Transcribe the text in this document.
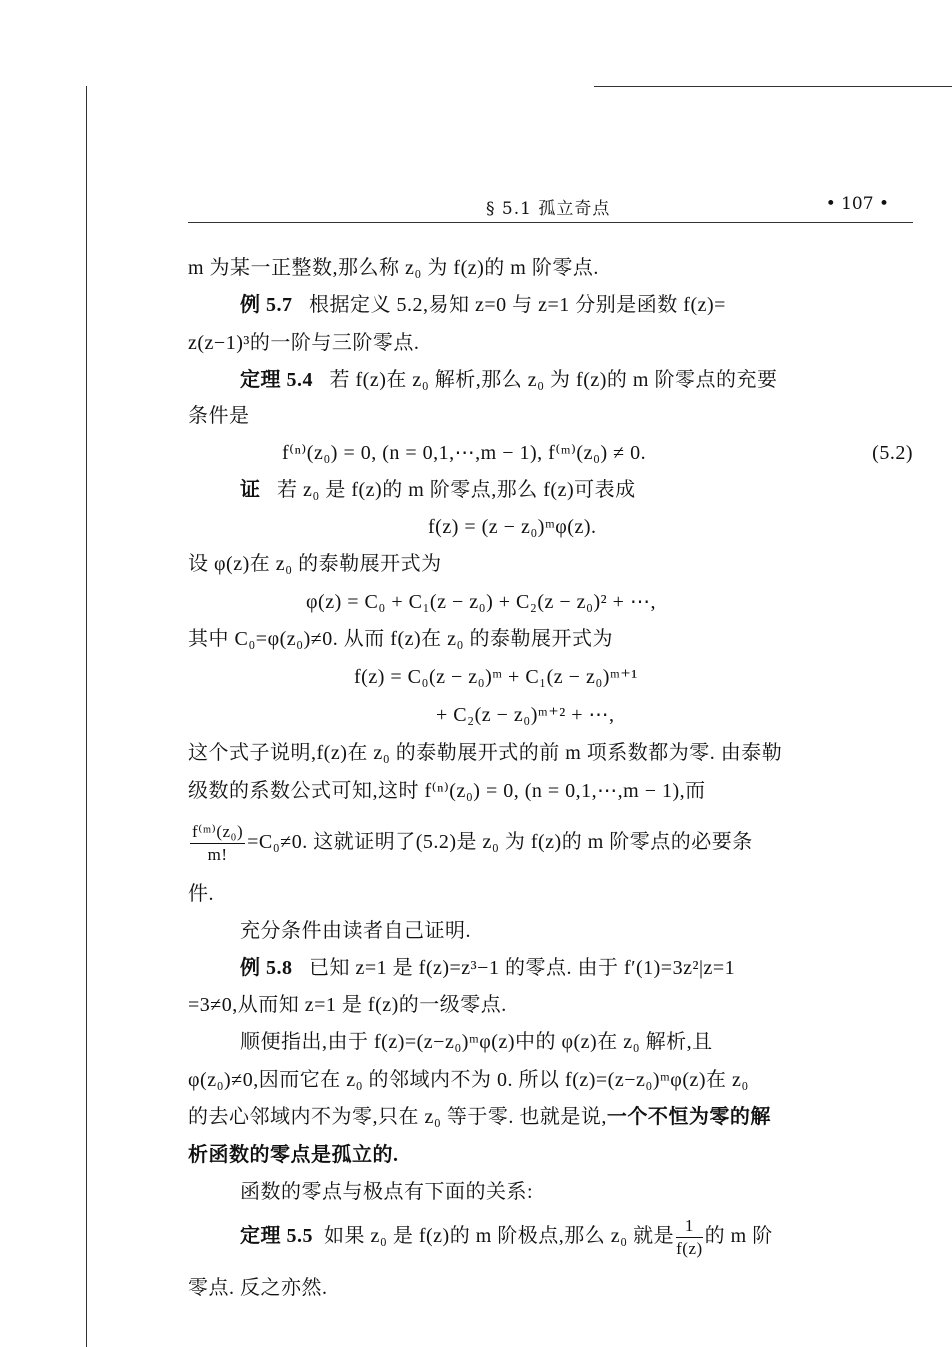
§ 5.1 孤立奇点	• 107 •
m 为某一正整数,那么称 z₀ 为 f(z)的 m 阶零点.
例 5.7 根据定义 5.2,易知 z=0 与 z=1 分别是函数 f(z)=
z(z−1)³的一阶与三阶零点.
定理 5.4 若 f(z)在 z₀ 解析,那么 z₀ 为 f(z)的 m 阶零点的充要
条件是
f⁽ⁿ⁾(z₀) = 0, (n = 0,1,⋯,m − 1), f⁽ᵐ⁾(z₀) ≠ 0.	(5.2)
证 若 z₀ 是 f(z)的 m 阶零点,那么 f(z)可表成
f(z) = (z − z₀)ᵐφ(z).
设 φ(z)在 z₀ 的泰勒展开式为
φ(z) = C₀ + C₁(z − z₀) + C₂(z − z₀)² + ⋯,
其中 C₀=φ(z₀)≠0. 从而 f(z)在 z₀ 的泰勒展开式为
f(z) = C₀(z − z₀)ᵐ + C₁(z − z₀)ᵐ⁺¹
+ C₂(z − z₀)ᵐ⁺² + ⋯,
这个式子说明,f(z)在 z₀ 的泰勒展开式的前 m 项系数都为零. 由泰勒
级数的系数公式可知,这时 f⁽ⁿ⁾(z₀) = 0, (n = 0,1,⋯,m − 1),而
$\frac{\text{f⁽ᵐ⁾(z₀)}}{m!} =C_0\ne 0$. 这就证明了(5.2)是 z₀ 为 f(z)的 m 阶零点的必要条
件.
充分条件由读者自己证明.
例 5.8 已知 z=1 是 f(z)=z³−1 的零点. 由于 f′(1)=3z²|z=1
=3≠0,从而知 z=1 是 f(z)的一级零点.
顺便指出,由于 f(z)=(z−z₀)ᵐφ(z)中的 φ(z)在 z₀ 解析,且
φ(z₀)≠0,因而它在 z₀ 的邻域内不为 0. 所以 f(z)=(z−z₀)ᵐφ(z)在 z₀
的去心邻域内不为零,只在 z₀ 等于零. 也就是说,一个不恒为零的解
析函数的零点是孤立的.
函数的零点与极点有下面的关系:
定理 5.5 如果 z₀ 是 f(z)的 m 阶极点,那么 z₀ 就是 $\frac{1}{f(z)}$ 的 m 阶
零点. 反之亦然.
